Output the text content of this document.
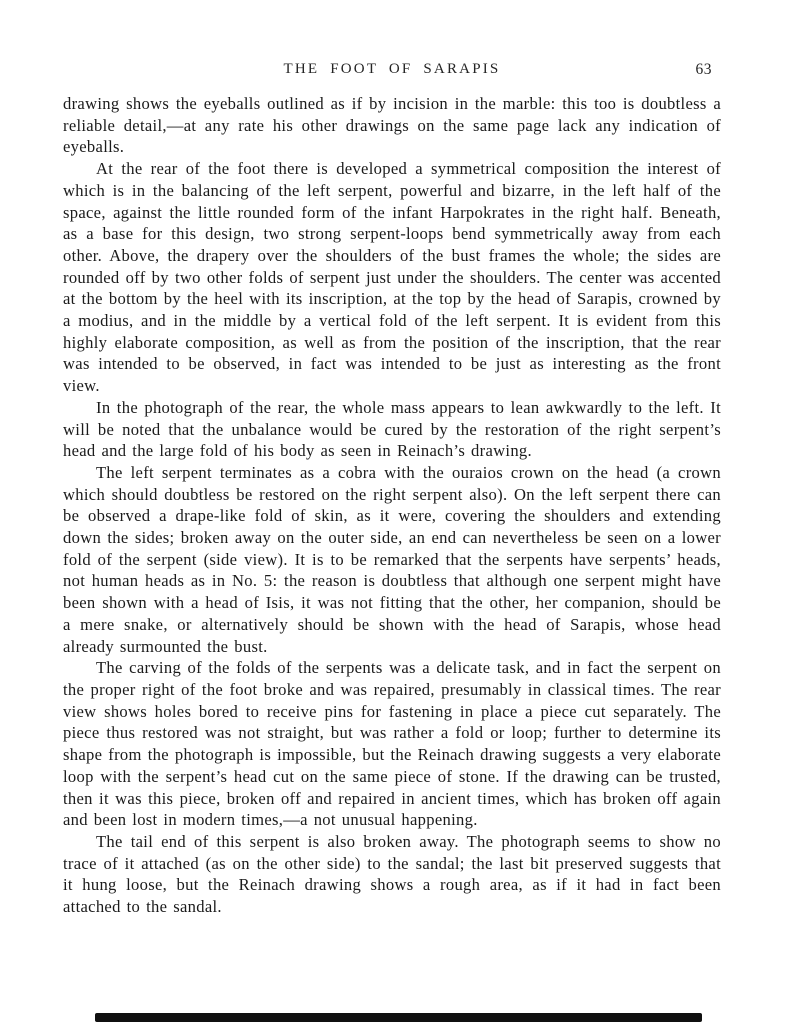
THE FOOT OF SARAPIS	63

drawing shows the eyeballs outlined as if by incision in the marble: this too is doubtless a reliable detail,—at any rate his other drawings on the same page lack any indication of eyeballs.

At the rear of the foot there is developed a symmetrical composition the interest of which is in the balancing of the left serpent, powerful and bizarre, in the left half of the space, against the little rounded form of the infant Harpokrates in the right half. Beneath, as a base for this design, two strong serpent-loops bend symmetrically away from each other. Above, the drapery over the shoulders of the bust frames the whole; the sides are rounded off by two other folds of serpent just under the shoulders. The center was accented at the bottom by the heel with its inscription, at the top by the head of Sarapis, crowned by a modius, and in the middle by a vertical fold of the left serpent. It is evident from this highly elaborate composition, as well as from the position of the inscription, that the rear was intended to be observed, in fact was intended to be just as interesting as the front view.

In the photograph of the rear, the whole mass appears to lean awkwardly to the left. It will be noted that the unbalance would be cured by the restoration of the right serpent’s head and the large fold of his body as seen in Reinach’s drawing.

The left serpent terminates as a cobra with the ouraios crown on the head (a crown which should doubtless be restored on the right serpent also). On the left serpent there can be observed a drape-like fold of skin, as it were, covering the shoulders and extending down the sides; broken away on the outer side, an end can nevertheless be seen on a lower fold of the serpent (side view). It is to be remarked that the serpents have serpents’ heads, not human heads as in No. 5: the reason is doubtless that although one serpent might have been shown with a head of Isis, it was not fitting that the other, her companion, should be a mere snake, or alternatively should be shown with the head of Sarapis, whose head already surmounted the bust.

The carving of the folds of the serpents was a delicate task, and in fact the serpent on the proper right of the foot broke and was repaired, presumably in classical times. The rear view shows holes bored to receive pins for fastening in place a piece cut separately. The piece thus restored was not straight, but was rather a fold or loop; further to determine its shape from the photograph is impossible, but the Reinach drawing suggests a very elaborate loop with the serpent’s head cut on the same piece of stone. If the drawing can be trusted, then it was this piece, broken off and repaired in ancient times, which has broken off again and been lost in modern times,—a not unusual happening.

The tail end of this serpent is also broken away. The photograph seems to show no trace of it attached (as on the other side) to the sandal; the last bit preserved suggests that it hung loose, but the Reinach drawing shows a rough area, as if it had in fact been attached to the sandal.
